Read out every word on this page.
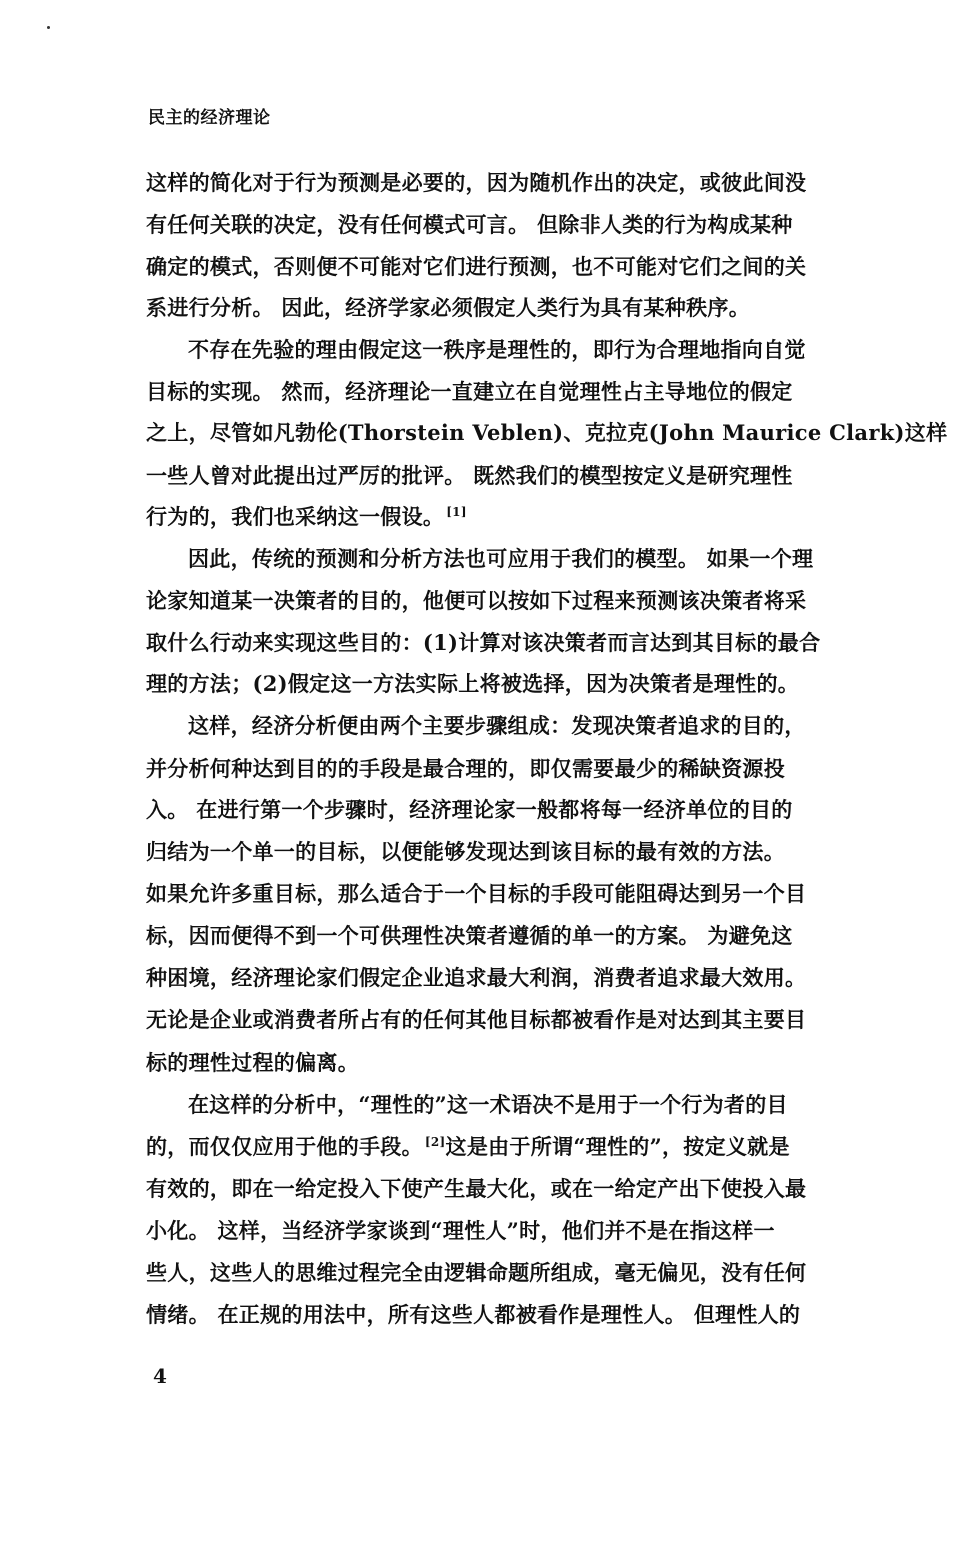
民主的经济理论
这样的简化对于行为预测是必要的，因为随机作出的决定，或彼此间没
有任何关联的决定，没有任何模式可言。 但除非人类的行为构成某种
确定的模式，否则便不可能对它们进行预测，也不可能对它们之间的关
系进行分析。 因此，经济学家必须假定人类行为具有某种秩序。
不存在先验的理由假定这一秩序是理性的，即行为合理地指向自觉
目标的实现。 然而，经济理论一直建立在自觉理性占主导地位的假定
之上，尽管如凡勃伦(Thorstein Veblen)、克拉克(John Maurice Clark)这样
一些人曾对此提出过严厉的批评。 既然我们的模型按定义是研究理性
行为的，我们也采纳这一假设。 [1]
因此，传统的预测和分析方法也可应用于我们的模型。 如果一个理
论家知道某一决策者的目的，他便可以按如下过程来预测该决策者将采
取什么行动来实现这些目的：(1)计算对该决策者而言达到其目标的最合
理的方法；(2)假定这一方法实际上将被选择，因为决策者是理性的。
这样，经济分析便由两个主要步骤组成：发现决策者追求的目的，
并分析何种达到目的的手段是最合理的，即仅需要最少的稀缺资源投
入。 在进行第一个步骤时，经济理论家一般都将每一经济单位的目的
归结为一个单一的目标，以便能够发现达到该目标的最有效的方法。
如果允许多重目标，那么适合于一个目标的手段可能阻碍达到另一个目
标，因而便得不到一个可供理性决策者遵循的单一的方案。 为避免这
种困境，经济理论家们假定企业追求最大利润，消费者追求最大效用。
无论是企业或消费者所占有的任何其他目标都被看作是对达到其主要目
标的理性过程的偏离。
在这样的分析中，“理性的”这一术语决不是用于一个行为者的目
的，而仅仅应用于他的手段。 [2]这是由于所谓“理性的”，按定义就是
有效的，即在一给定投入下使产生最大化，或在一给定产出下使投入最
小化。 这样，当经济学家谈到“理性人”时，他们并不是在指这样一
些人，这些人的思维过程完全由逻辑命题所组成，毫无偏见，没有任何
情绪。 在正规的用法中，所有这些人都被看作是理性人。 但理性人的
4
